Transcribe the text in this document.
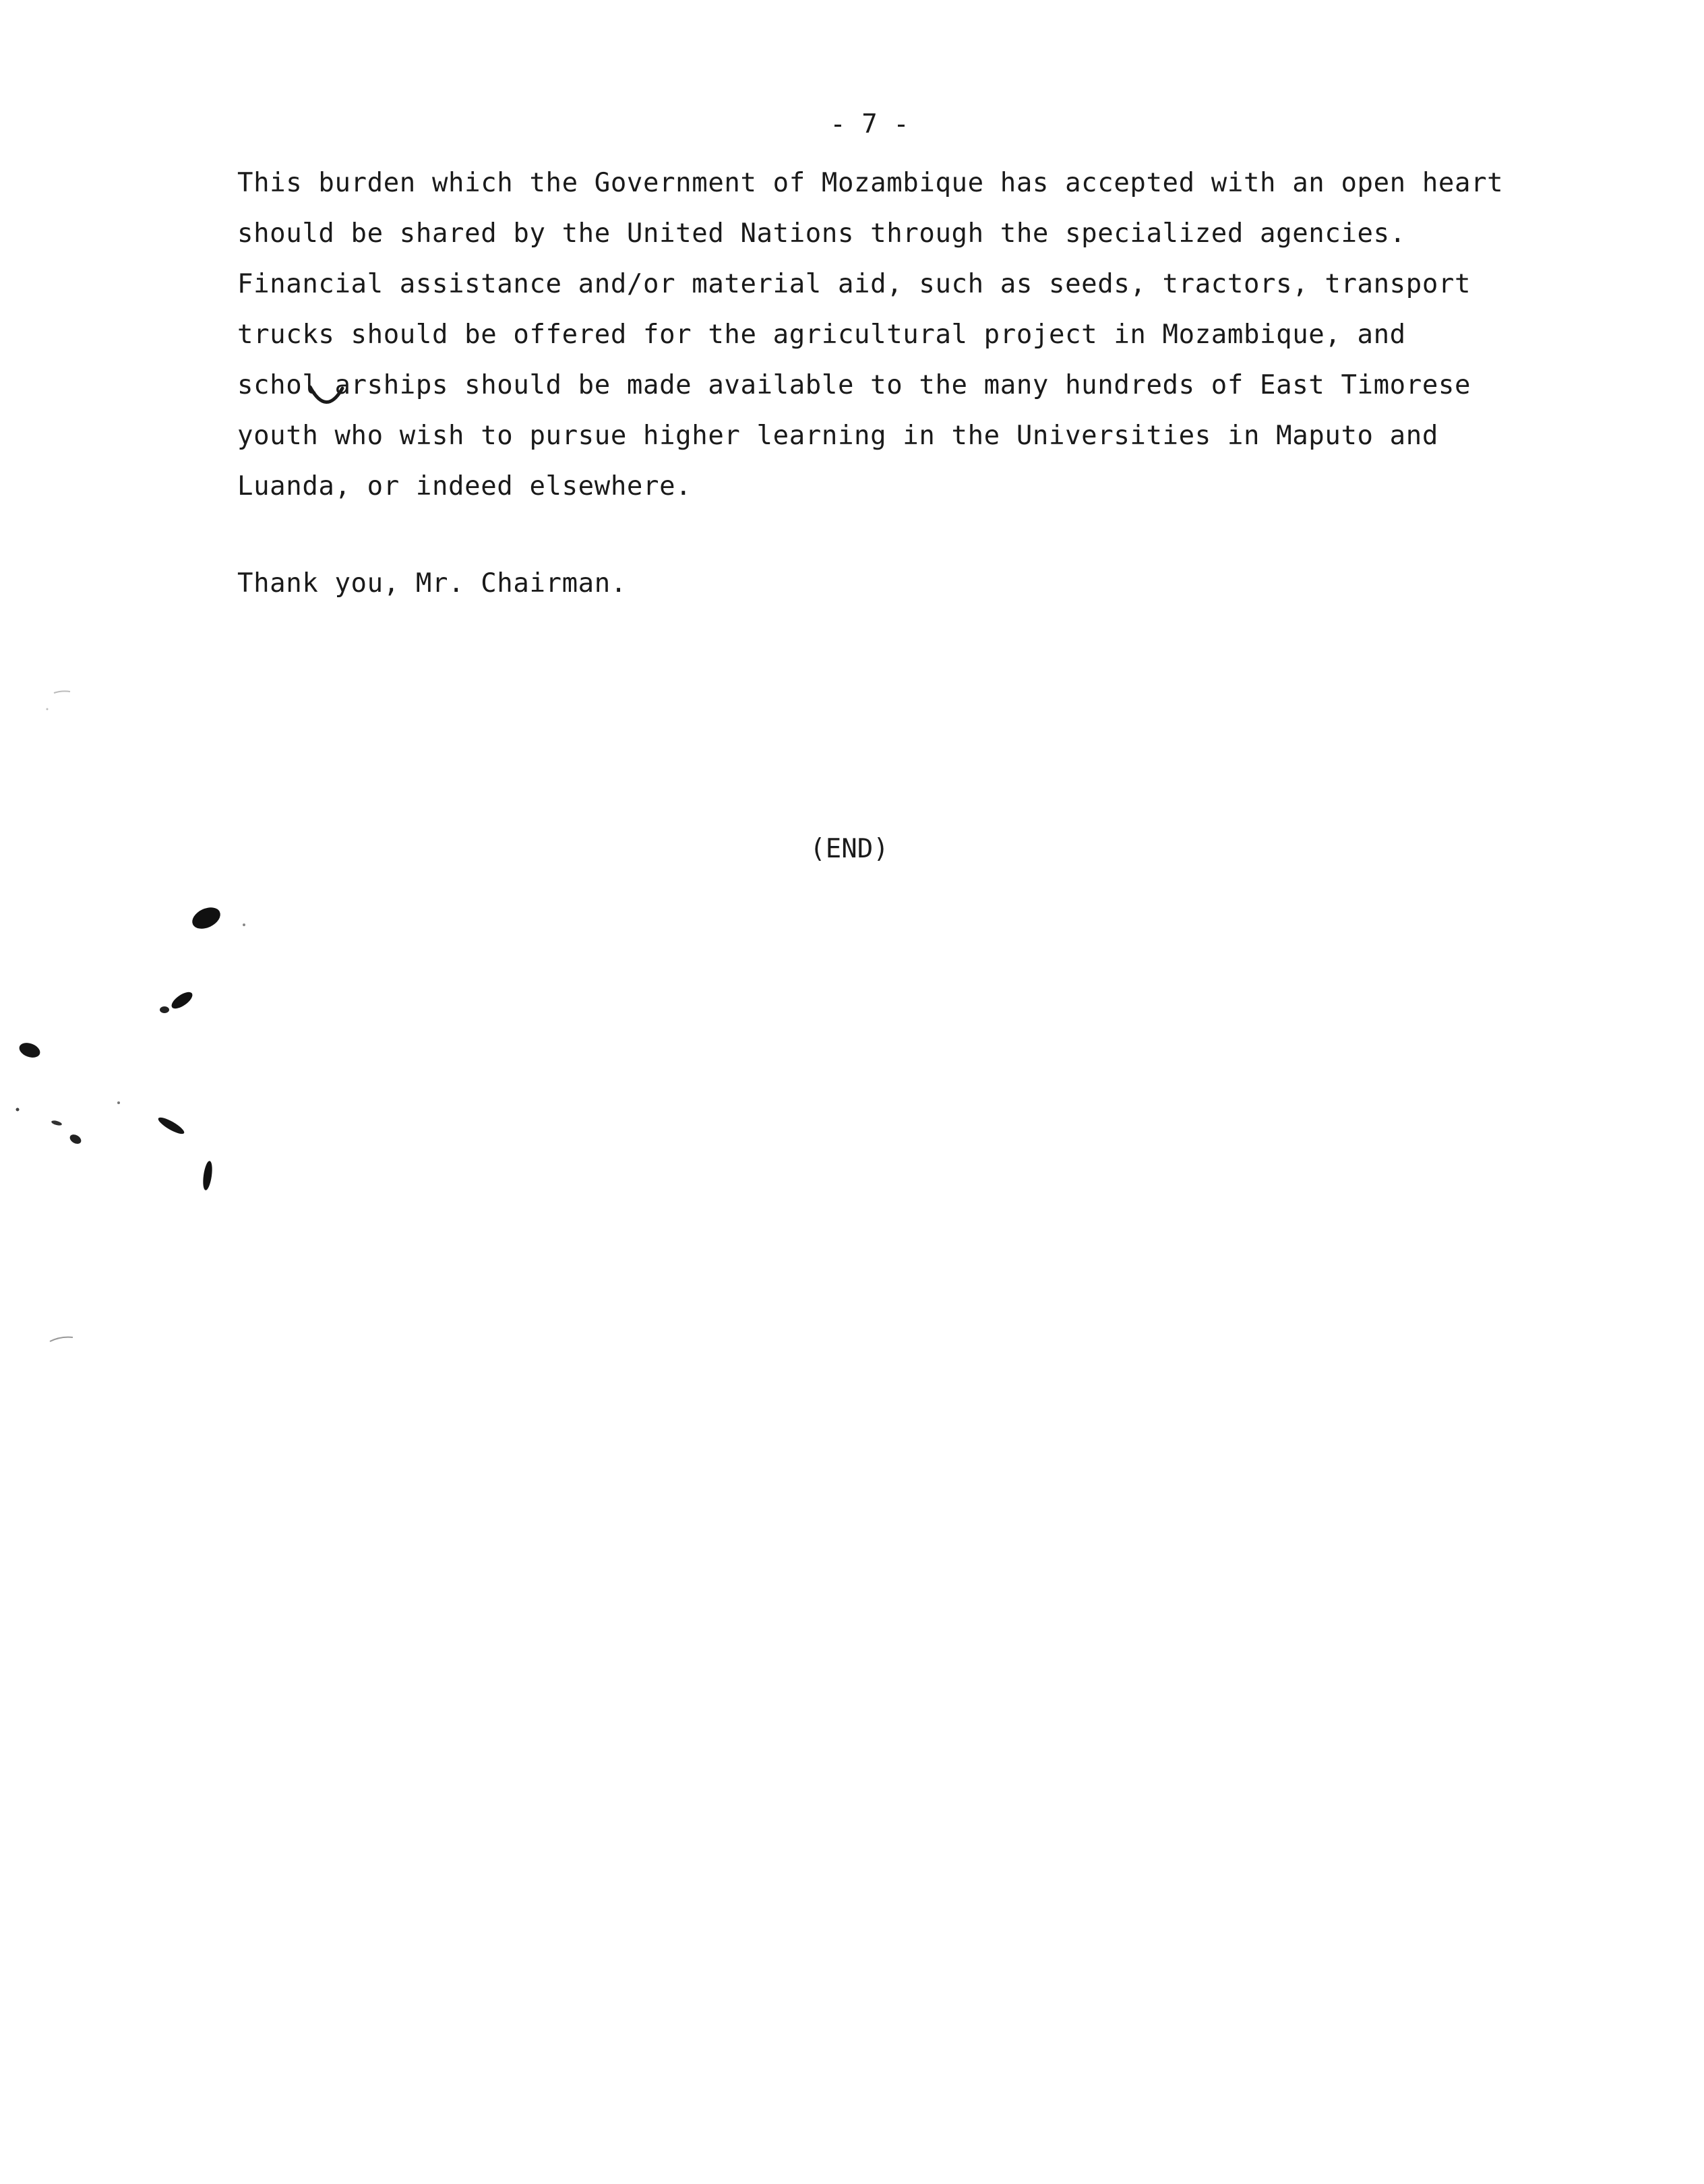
- 7 -
This burden which the Government of Mozambique has accepted with an open heart
should be shared by the United Nations through the specialized agencies.
Financial assistance and/or material aid, such as seeds, tractors, transport
trucks should be offered for the agricultural project in Mozambique, and
schol arships should be made available to the many hundreds of East Timorese
youth who wish to pursue higher learning in the Universities in Maputo and
Luanda, or indeed elsewhere.
Thank you, Mr. Chairman.
(END)
